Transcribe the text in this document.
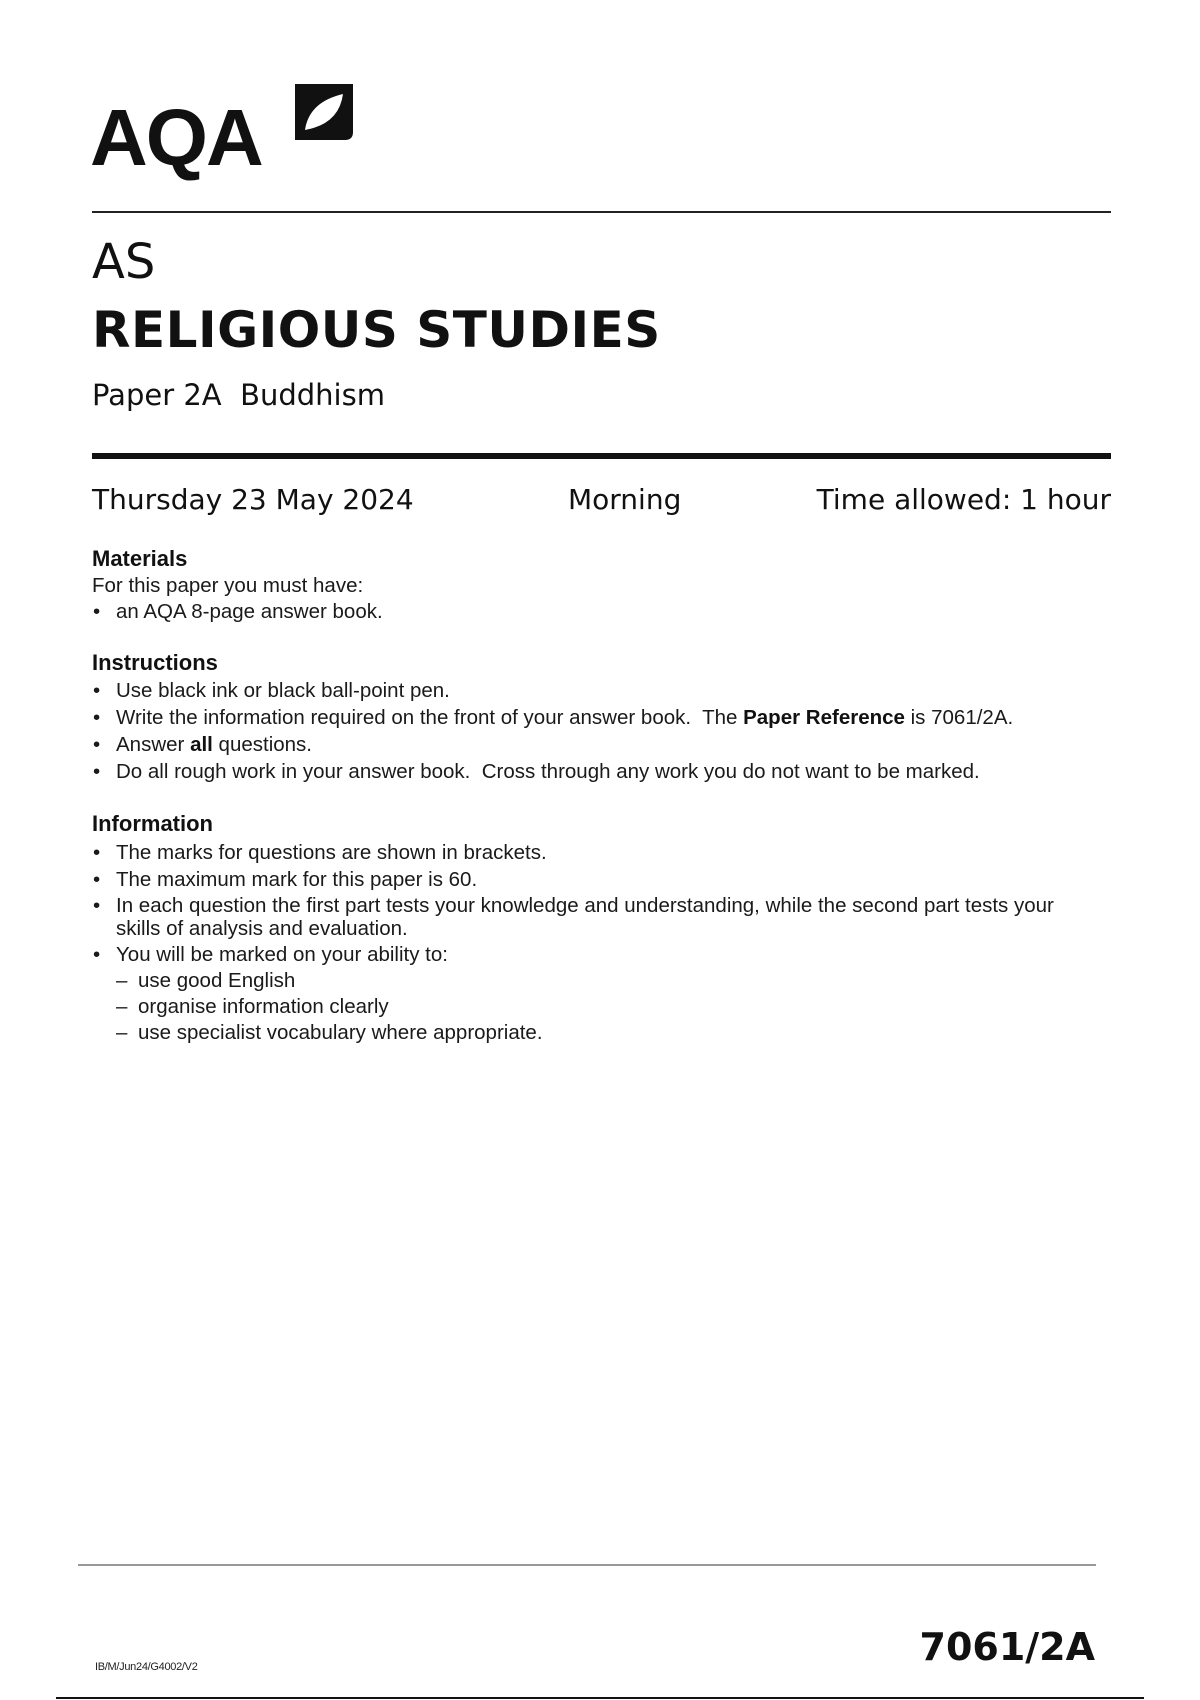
AQA
AS
RELIGIOUS STUDIES
Paper 2A  Buddhism
Thursday 23 May 2024	Morning	Time allowed: 1 hour
Materials
For this paper you must have:
• an AQA 8-page answer book.
Instructions
• Use black ink or black ball-point pen.
• Write the information required on the front of your answer book.  The Paper Reference is 7061/2A.
• Answer all questions.
• Do all rough work in your answer book.  Cross through any work you do not want to be marked.
Information
• The marks for questions are shown in brackets.
• The maximum mark for this paper is 60.
• In each question the first part tests your knowledge and understanding, while the second part tests your skills of analysis and evaluation.
• You will be marked on your ability to:
– use good English
– organise information clearly
– use specialist vocabulary where appropriate.
IB/M/Jun24/G4002/V2	7061/2A
